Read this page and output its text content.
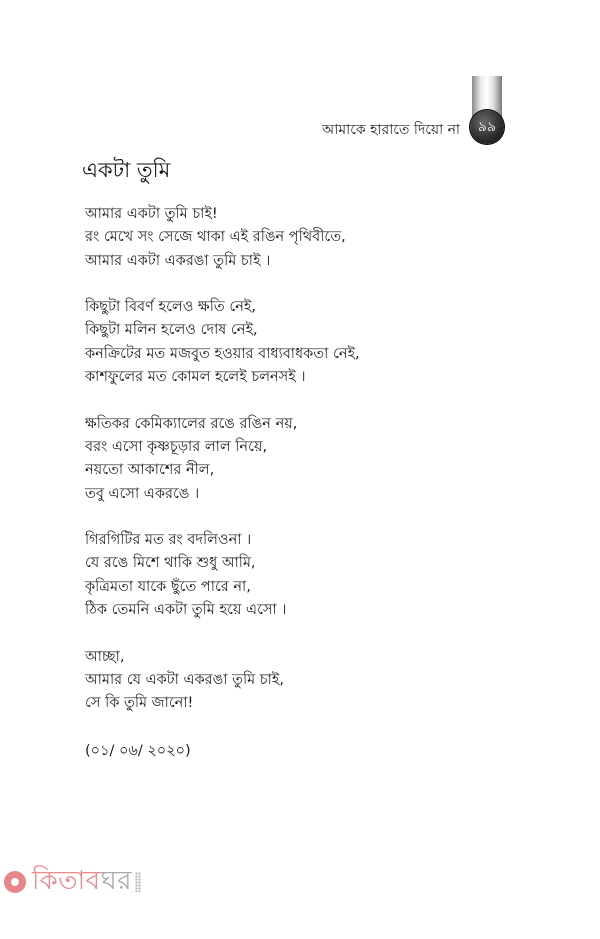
৯৯
আমাকে হারাতে দিয়ো না
একটা তুমি
আমার একটা তুমি চাই!
রং মেখে সং সেজে থাকা এই রঙিন পৃথিবীতে,
আমার একটা একরঙা তুমি চাই ।
কিছুটা বিবর্ণ হলেও ক্ষতি নেই,
কিছুটা মলিন হলেও দোষ নেই,
কনক্রিটের মত মজবুত হওয়ার বাধ্যবাধকতা নেই,
কাশফুলের মত কোমল হলেই চলনসই ।
ক্ষতিকর কেমিক্যালের রঙে রঙিন নয়,
বরং এসো কৃষ্ণচূড়ার লাল নিয়ে,
নয়তো আকাশের নীল,
তবু এসো একরঙে ।
গিরগিটির মত রং বদলিওনা ।
যে রঙে মিশে থাকি শুধু আমি,
কৃত্রিমতা যাকে ছুঁতে পারে না,
ঠিক তেমনি একটা তুমি হয়ে এসো ।
আচ্ছা,
আমার যে একটা একরঙা তুমি চাই,
সে কি তুমি জানো!
(০১/ ০৬/ ২০২০)
কিতাবঘর
